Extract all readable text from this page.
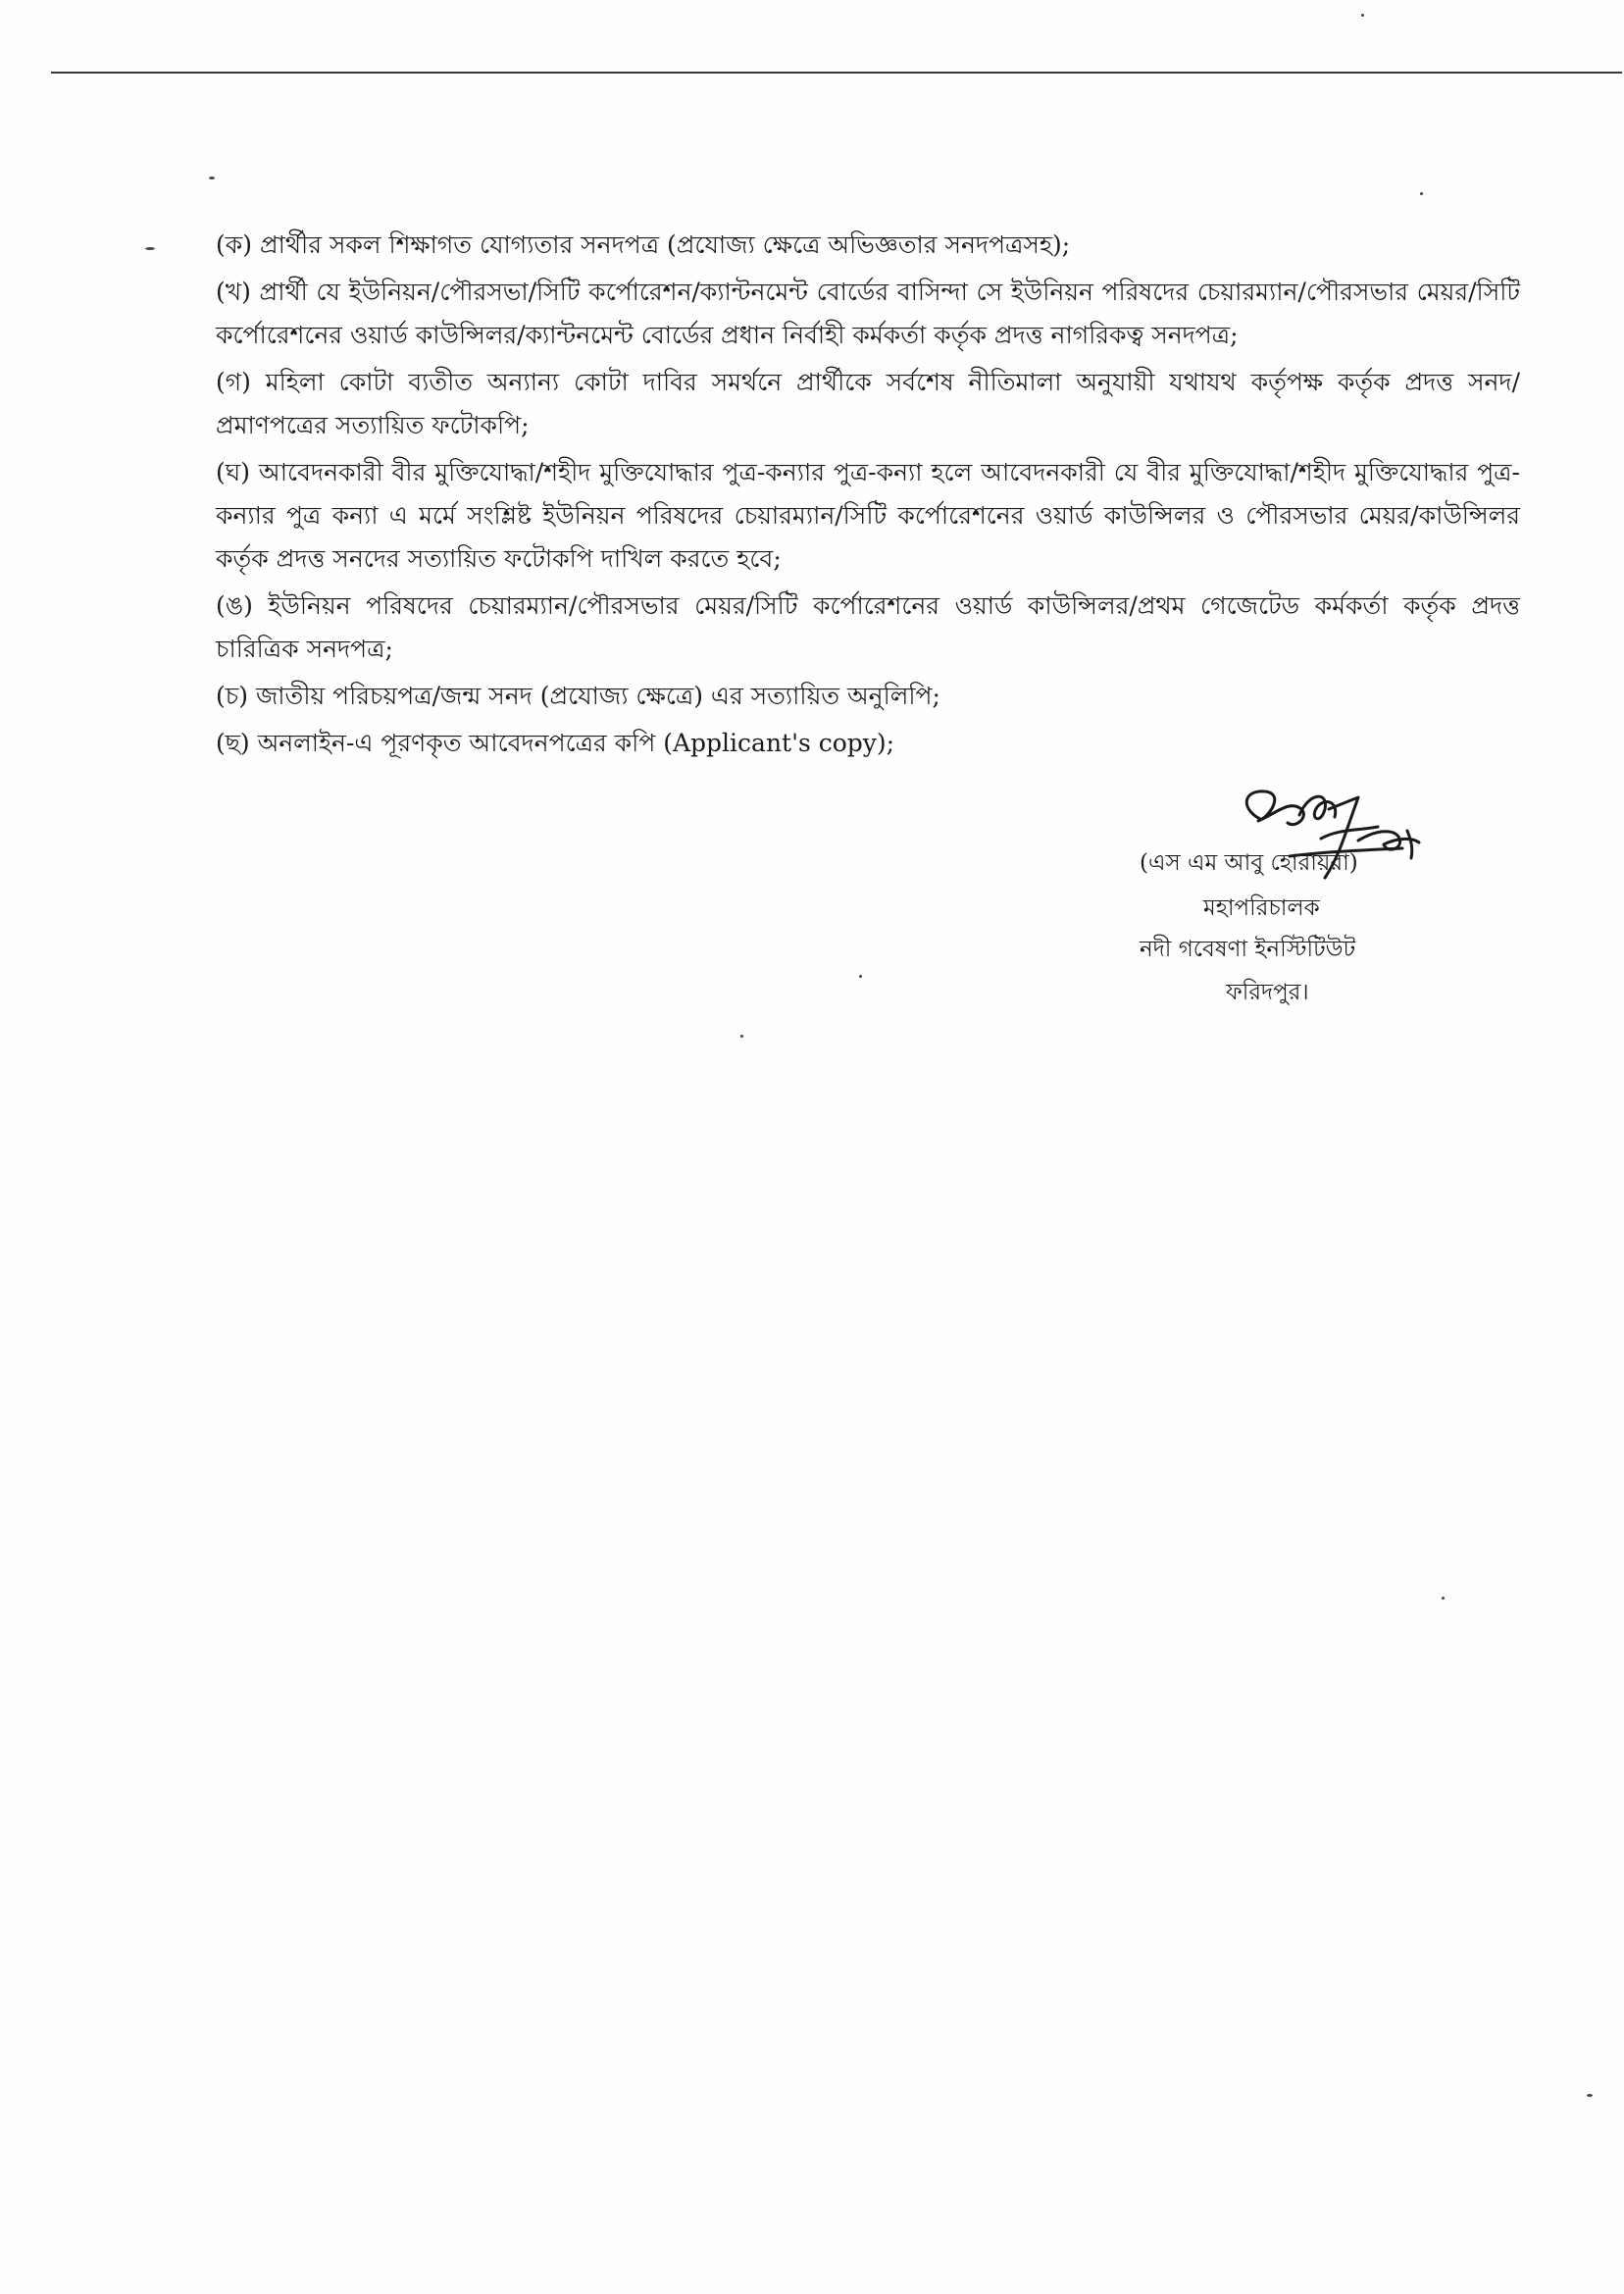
(ক) প্রার্থীর সকল শিক্ষাগত যোগ্যতার সনদপত্র (প্রযোজ্য ক্ষেত্রে অভিজ্ঞতার সনদপত্রসহ);
(খ) প্রার্থী যে ইউনিয়ন/পৌরসভা/সিটি কর্পোরেশন/ক্যান্টনমেন্ট বোর্ডের বাসিন্দা সে ইউনিয়ন পরিষদের চেয়ারম্যান/পৌরসভার মেয়র/সিটি কর্পোরেশনের ওয়ার্ড কাউন্সিলর/ক্যান্টনমেন্ট বোর্ডের প্রধান নির্বাহী কর্মকর্তা কর্তৃক প্রদত্ত নাগরিকত্ব সনদপত্র;
(গ) মহিলা কোটা ব্যতীত অন্যান্য কোটা দাবির সমর্থনে প্রার্থীকে সর্বশেষ নীতিমালা অনুযায়ী যথাযথ কর্তৃপক্ষ কর্তৃক প্রদত্ত সনদ/প্রমাণপত্রের সত্যায়িত ফটোকপি;
(ঘ) আবেদনকারী বীর মুক্তিযোদ্ধা/শহীদ মুক্তিযোদ্ধার পুত্র-কন্যার পুত্র-কন্যা হলে আবেদনকারী যে বীর মুক্তিযোদ্ধা/শহীদ মুক্তিযোদ্ধার পুত্র- কন্যার পুত্র কন্যা এ মর্মে সংশ্লিষ্ট ইউনিয়ন পরিষদের চেয়ারম্যান/সিটি কর্পোরেশনের ওয়ার্ড কাউন্সিলর ও পৌরসভার মেয়র/কাউন্সিলর কর্তৃক প্রদত্ত সনদের সত্যায়িত ফটোকপি দাখিল করতে হবে;
(ঙ) ইউনিয়ন পরিষদের চেয়ারম্যান/পৌরসভার মেয়র/সিটি কর্পোরেশনের ওয়ার্ড কাউন্সিলর/প্রথম গেজেটেড কর্মকর্তা কর্তৃক প্রদত্ত চারিত্রিক সনদপত্র;
(চ) জাতীয় পরিচয়পত্র/জন্ম সনদ (প্রযোজ্য ক্ষেত্রে) এর সত্যায়িত অনুলিপি;
(ছ) অনলাইন-এ পূরণকৃত আবেদনপত্রের কপি (Applicant's copy);
(এস এম আবু হোরায়রা)
মহাপরিচালক
নদী গবেষণা ইনস্টিটিউট
ফরিদপুর।
